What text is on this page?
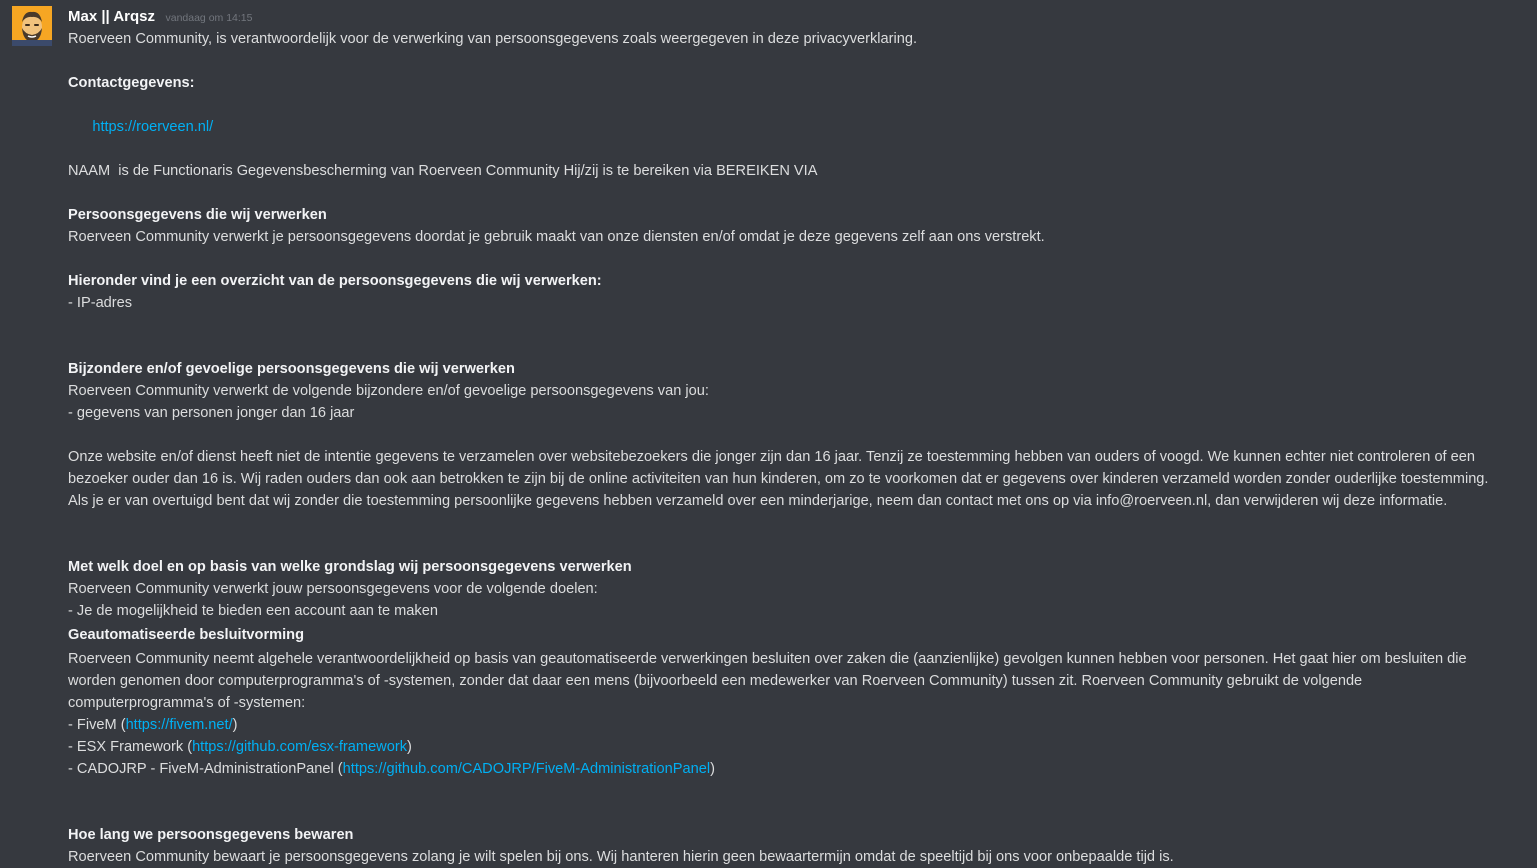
Max || Arqsz vandaag om 14:15
Roerveen Community, is verantwoordelijk voor de verwerking van persoonsgegevens zoals weergegeven in deze privacyverklaring.
Contactgegevens:

https://roerveen.nl/

NAAM  is de Functionaris Gegevensbescherming van Roerveen Community Hij/zij is te bereiken via BEREIKEN VIA
Persoonsgegevens die wij verwerken
Roerveen Community verwerkt je persoonsgegevens doordat je gebruik maakt van onze diensten en/of omdat je deze gegevens zelf aan ons verstrekt.
Hieronder vind je een overzicht van de persoonsgegevens die wij verwerken:
- IP-adres
Bijzondere en/of gevoelige persoonsgegevens die wij verwerken
Roerveen Community verwerkt de volgende bijzondere en/of gevoelige persoonsgegevens van jou:
- gegevens van personen jonger dan 16 jaar
Onze website en/of dienst heeft niet de intentie gegevens te verzamelen over websitebezoekers die jonger zijn dan 16 jaar. Tenzij ze toestemming hebben van ouders of voogd. We kunnen echter niet controleren of een
bezoeker ouder dan 16 is. Wij raden ouders dan ook aan betrokken te zijn bij de online activiteiten van hun kinderen, om zo te voorkomen dat er gegevens over kinderen verzameld worden zonder ouderlijke toestemming.
Als je er van overtuigd bent dat wij zonder die toestemming persoonlijke gegevens hebben verzameld over een minderjarige, neem dan contact met ons op via info@roerveen.nl, dan verwijderen wij deze informatie.
Met welk doel en op basis van welke grondslag wij persoonsgegevens verwerken
Roerveen Community verwerkt jouw persoonsgegevens voor de volgende doelen:
- Je de mogelijkheid te bieden een account aan te maken
Geautomatiseerde besluitvorming
Roerveen Community neemt algehele verantwoordelijkheid op basis van geautomatiseerde verwerkingen besluiten over zaken die (aanzienlijke) gevolgen kunnen hebben voor personen. Het gaat hier om besluiten die
worden genomen door computerprogramma's of -systemen, zonder dat daar een mens (bijvoorbeeld een medewerker van Roerveen Community) tussen zit. Roerveen Community gebruikt de volgende
computerprogramma's of -systemen:
- FiveM (https://fivem.net/)
- ESX Framework (https://github.com/esx-framework)
- CADOJRP - FiveM-AdministrationPanel (https://github.com/CADOJRP/FiveM-AdministrationPanel)
Hoe lang we persoonsgegevens bewaren
Roerveen Community bewaart je persoonsgegevens zolang je wilt spelen bij ons. Wij hanteren hierin geen bewaartermijn omdat de speeltijd bij ons voor onbepaalde tijd is.
